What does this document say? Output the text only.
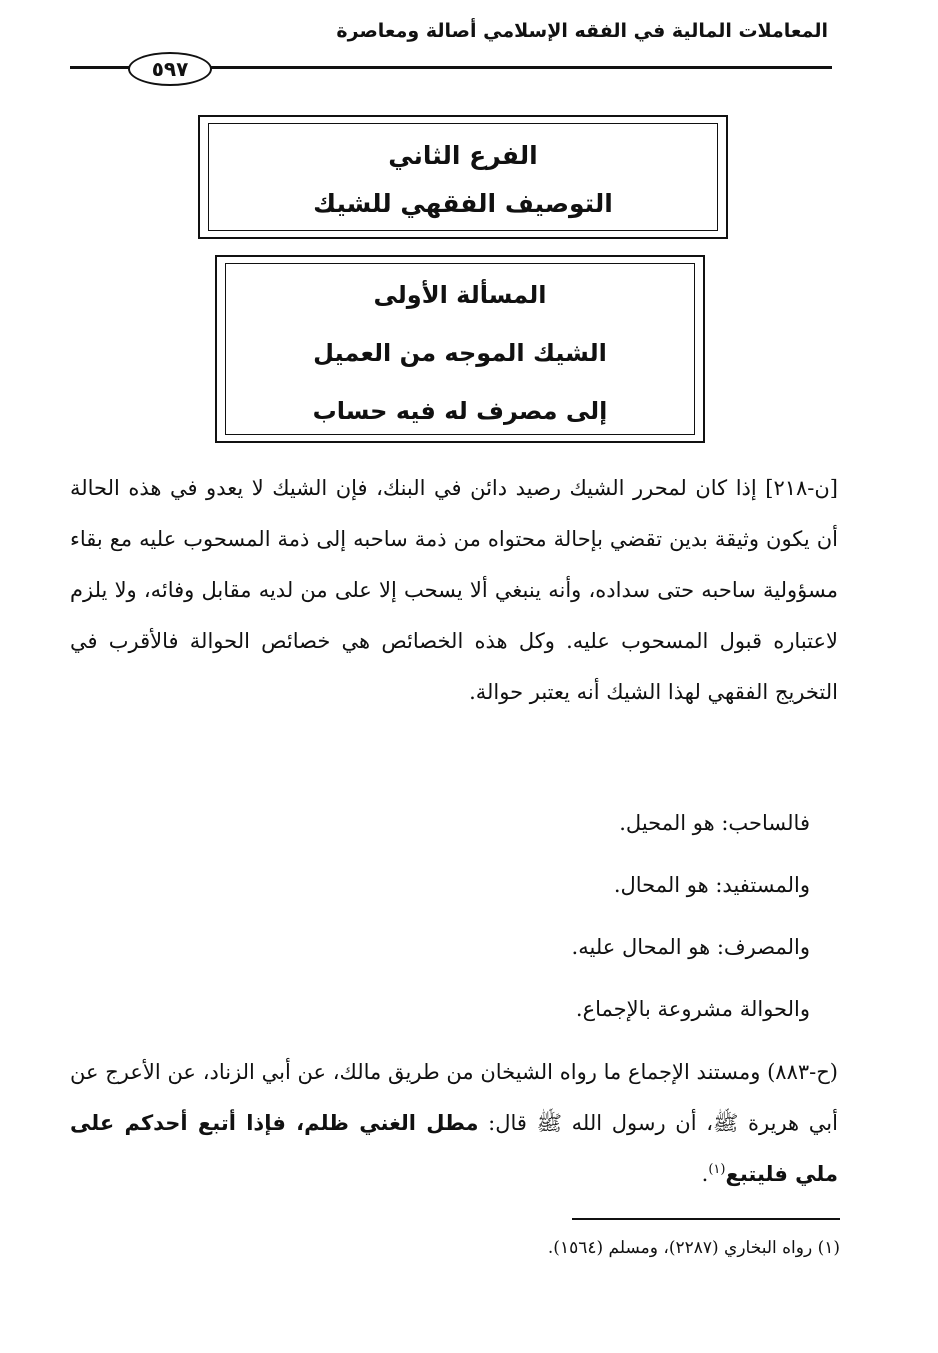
المعاملات المالية في الفقه الإسلامي أصالة ومعاصرة
٥٩٧
الفرع الثاني
التوصيف الفقهي للشيك
المسألة الأولى
الشيك الموجه من العميل
إلى مصرف له فيه حساب
[ن-٢١٨] إذا كان لمحرر الشيك رصيد دائن في البنك، فإن الشيك لا يعدو في هذه الحالة أن يكون وثيقة بدين تقضي بإحالة محتواه من ذمة ساحبه إلى ذمة المسحوب عليه مع بقاء مسؤولية ساحبه حتى سداده، وأنه ينبغي ألا يسحب إلا على من لديه مقابل وفائه، ولا يلزم لاعتباره قبول المسحوب عليه. وكل هذه الخصائص هي خصائص الحوالة فالأقرب في التخريج الفقهي لهذا الشيك أنه يعتبر حوالة.
فالساحب: هو المحيل.
والمستفيد: هو المحال.
والمصرف: هو المحال عليه.
والحوالة مشروعة بالإجماع.
(ح-٨٨٣) ومستند الإجماع ما رواه الشيخان من طريق مالك، عن أبي الزناد، عن الأعرج عن أبي هريرة ﷺ، أن رسول الله ﷺ قال: مطل الغني ظلم، فإذا أتبع أحدكم على ملي فليتبع$^{(١)}$.
(١) رواه البخاري (٢٢٨٧)، ومسلم (١٥٦٤).
